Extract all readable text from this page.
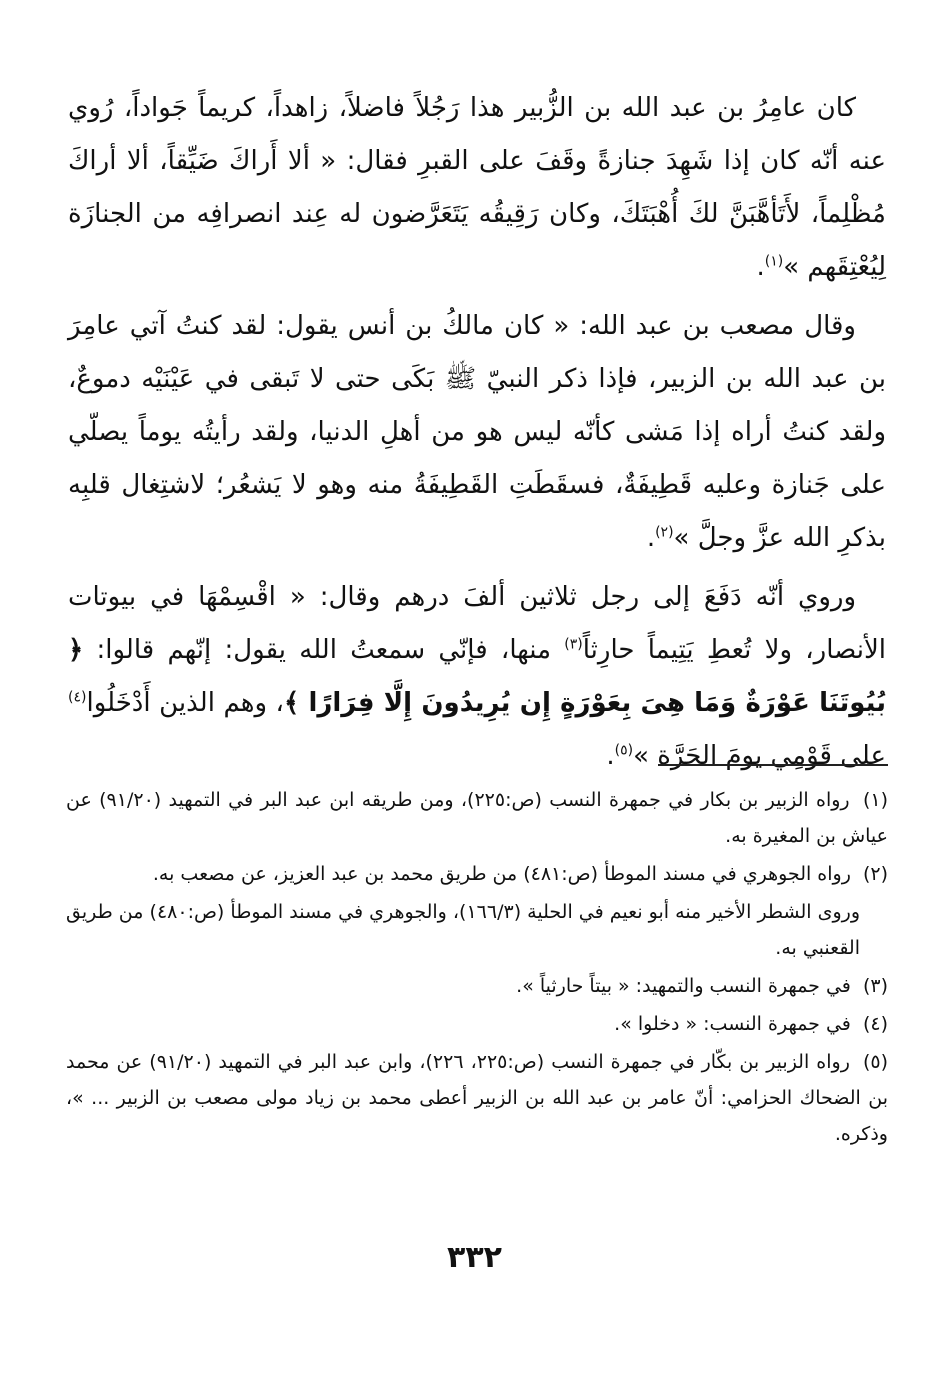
كان عامِرُ بن عبد الله بن الزُّبير هذا رَجُلاً فاضلاً، زاهداً، كريماً جَواداً، رُوي عنه أنّه كان إذا شَهِدَ جنازةً وقَفَ على القبرِ فقال: « ألا أَراكَ ضَيِّقاً، ألا أراكَ مُظْلِماً، لأَتَأهَّبَنَّ لكَ أُهْبَتَكَ، وكان رَقِيقُه يَتَعَرَّضون له عِند انصرافِه من الجنازَة لِيُعْتِقَهم »$^{(١)}$.
وقال مصعب بن عبد الله: « كان مالكُ بن أنس يقول: لقد كنتُ آتي عامِرَ بن عبد الله بن الزبير، فإذا ذكر النبيّ ﷺ بَكَى حتى لا تَبقى في عَيْنَيْه دموعٌ، ولقد كنتُ أراه إذا مَشى كأنّه ليس هو من أهلِ الدنيا، ولقد رأيتُه يوماً يصلّي على جَنازة وعليه قَطِيفَةٌ، فسقَطَتِ القَطِيفَةُ منه وهو لا يَشعُر؛ لاشتِغال قلبِه بذكرِ الله عزَّ وجلَّ »$^{(٢)}$.
وروي أنّه دَفَعَ إلى رجل ثلاثين ألفَ درهم وقال: « اقْسِمْهَا في بيوتات الأنصار، ولا تُعطِ يَتِيماً حارِثاً$^{(٣)}$ منها، فإنّي سمعتُ الله يقول: إنّهم قالوا: ﴿ بُيُوتَنَا عَوْرَةٌ وَمَا هِىَ بِعَوْرَةٍ إِن يُرِيدُونَ إِلَّا فِرَارًا ﴾، وهم الذين أَدْخَلُوا$^{(٤)}$ على قَوْمِي يومَ الحَرَّة »$^{(٥)}$.
(١) رواه الزبير بن بكار في جمهرة النسب (ص:٢٢٥)، ومن طريقه ابن عبد البر في التمهيد (٩١/٢٠) عن عياش بن المغيرة به.
(٢) رواه الجوهري في مسند الموطأ (ص:٤٨١) من طريق محمد بن عبد العزيز، عن مصعب به.
وروى الشطر الأخير منه أبو نعيم في الحلية (١٦٦/٣)، والجوهري في مسند الموطأ (ص:٤٨٠) من طريق القعنبي به.
(٣) في جمهرة النسب والتمهيد: « بيتاً حارثياً ».
(٤) في جمهرة النسب: « دخلوا ».
(٥) رواه الزبير بن بكّار في جمهرة النسب (ص:٢٢٥، ٢٢٦)، وابن عبد البر في التمهيد (٩١/٢٠) عن محمد بن الضحاك الحزامي: أنّ عامر بن عبد الله بن الزبير أعطى محمد بن زياد مولى مصعب بن الزبير ... »، وذكره.
٣٣٢
